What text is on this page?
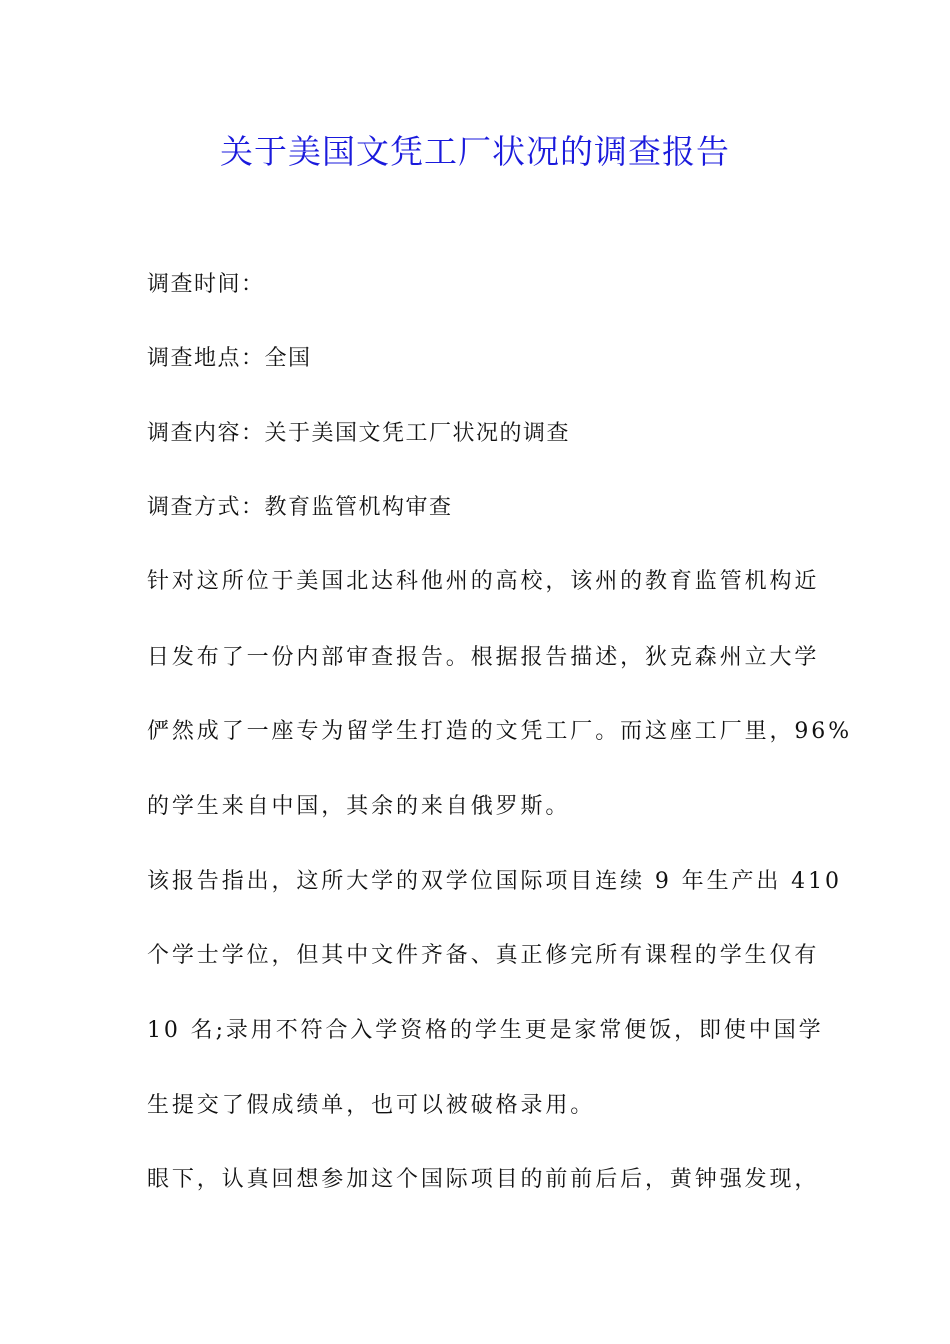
关于美国文凭工厂状况的调查报告
调查时间：
调查地点：全国
调查内容：关于美国文凭工厂状况的调查
调查方式：教育监管机构审查
针对这所位于美国北达科他州的高校，该州的教育监管机构近
日发布了一份内部审查报告。根据报告描述，狄克森州立大学
俨然成了一座专为留学生打造的文凭工厂。而这座工厂里，96%
的学生来自中国，其余的来自俄罗斯。
该报告指出，这所大学的双学位国际项目连续 9 年生产出 410
个学士学位，但其中文件齐备、真正修完所有课程的学生仅有
10 名;录用不符合入学资格的学生更是家常便饭，即使中国学
生提交了假成绩单，也可以被破格录用。
眼下，认真回想参加这个国际项目的前前后后，黄钟强发现，
